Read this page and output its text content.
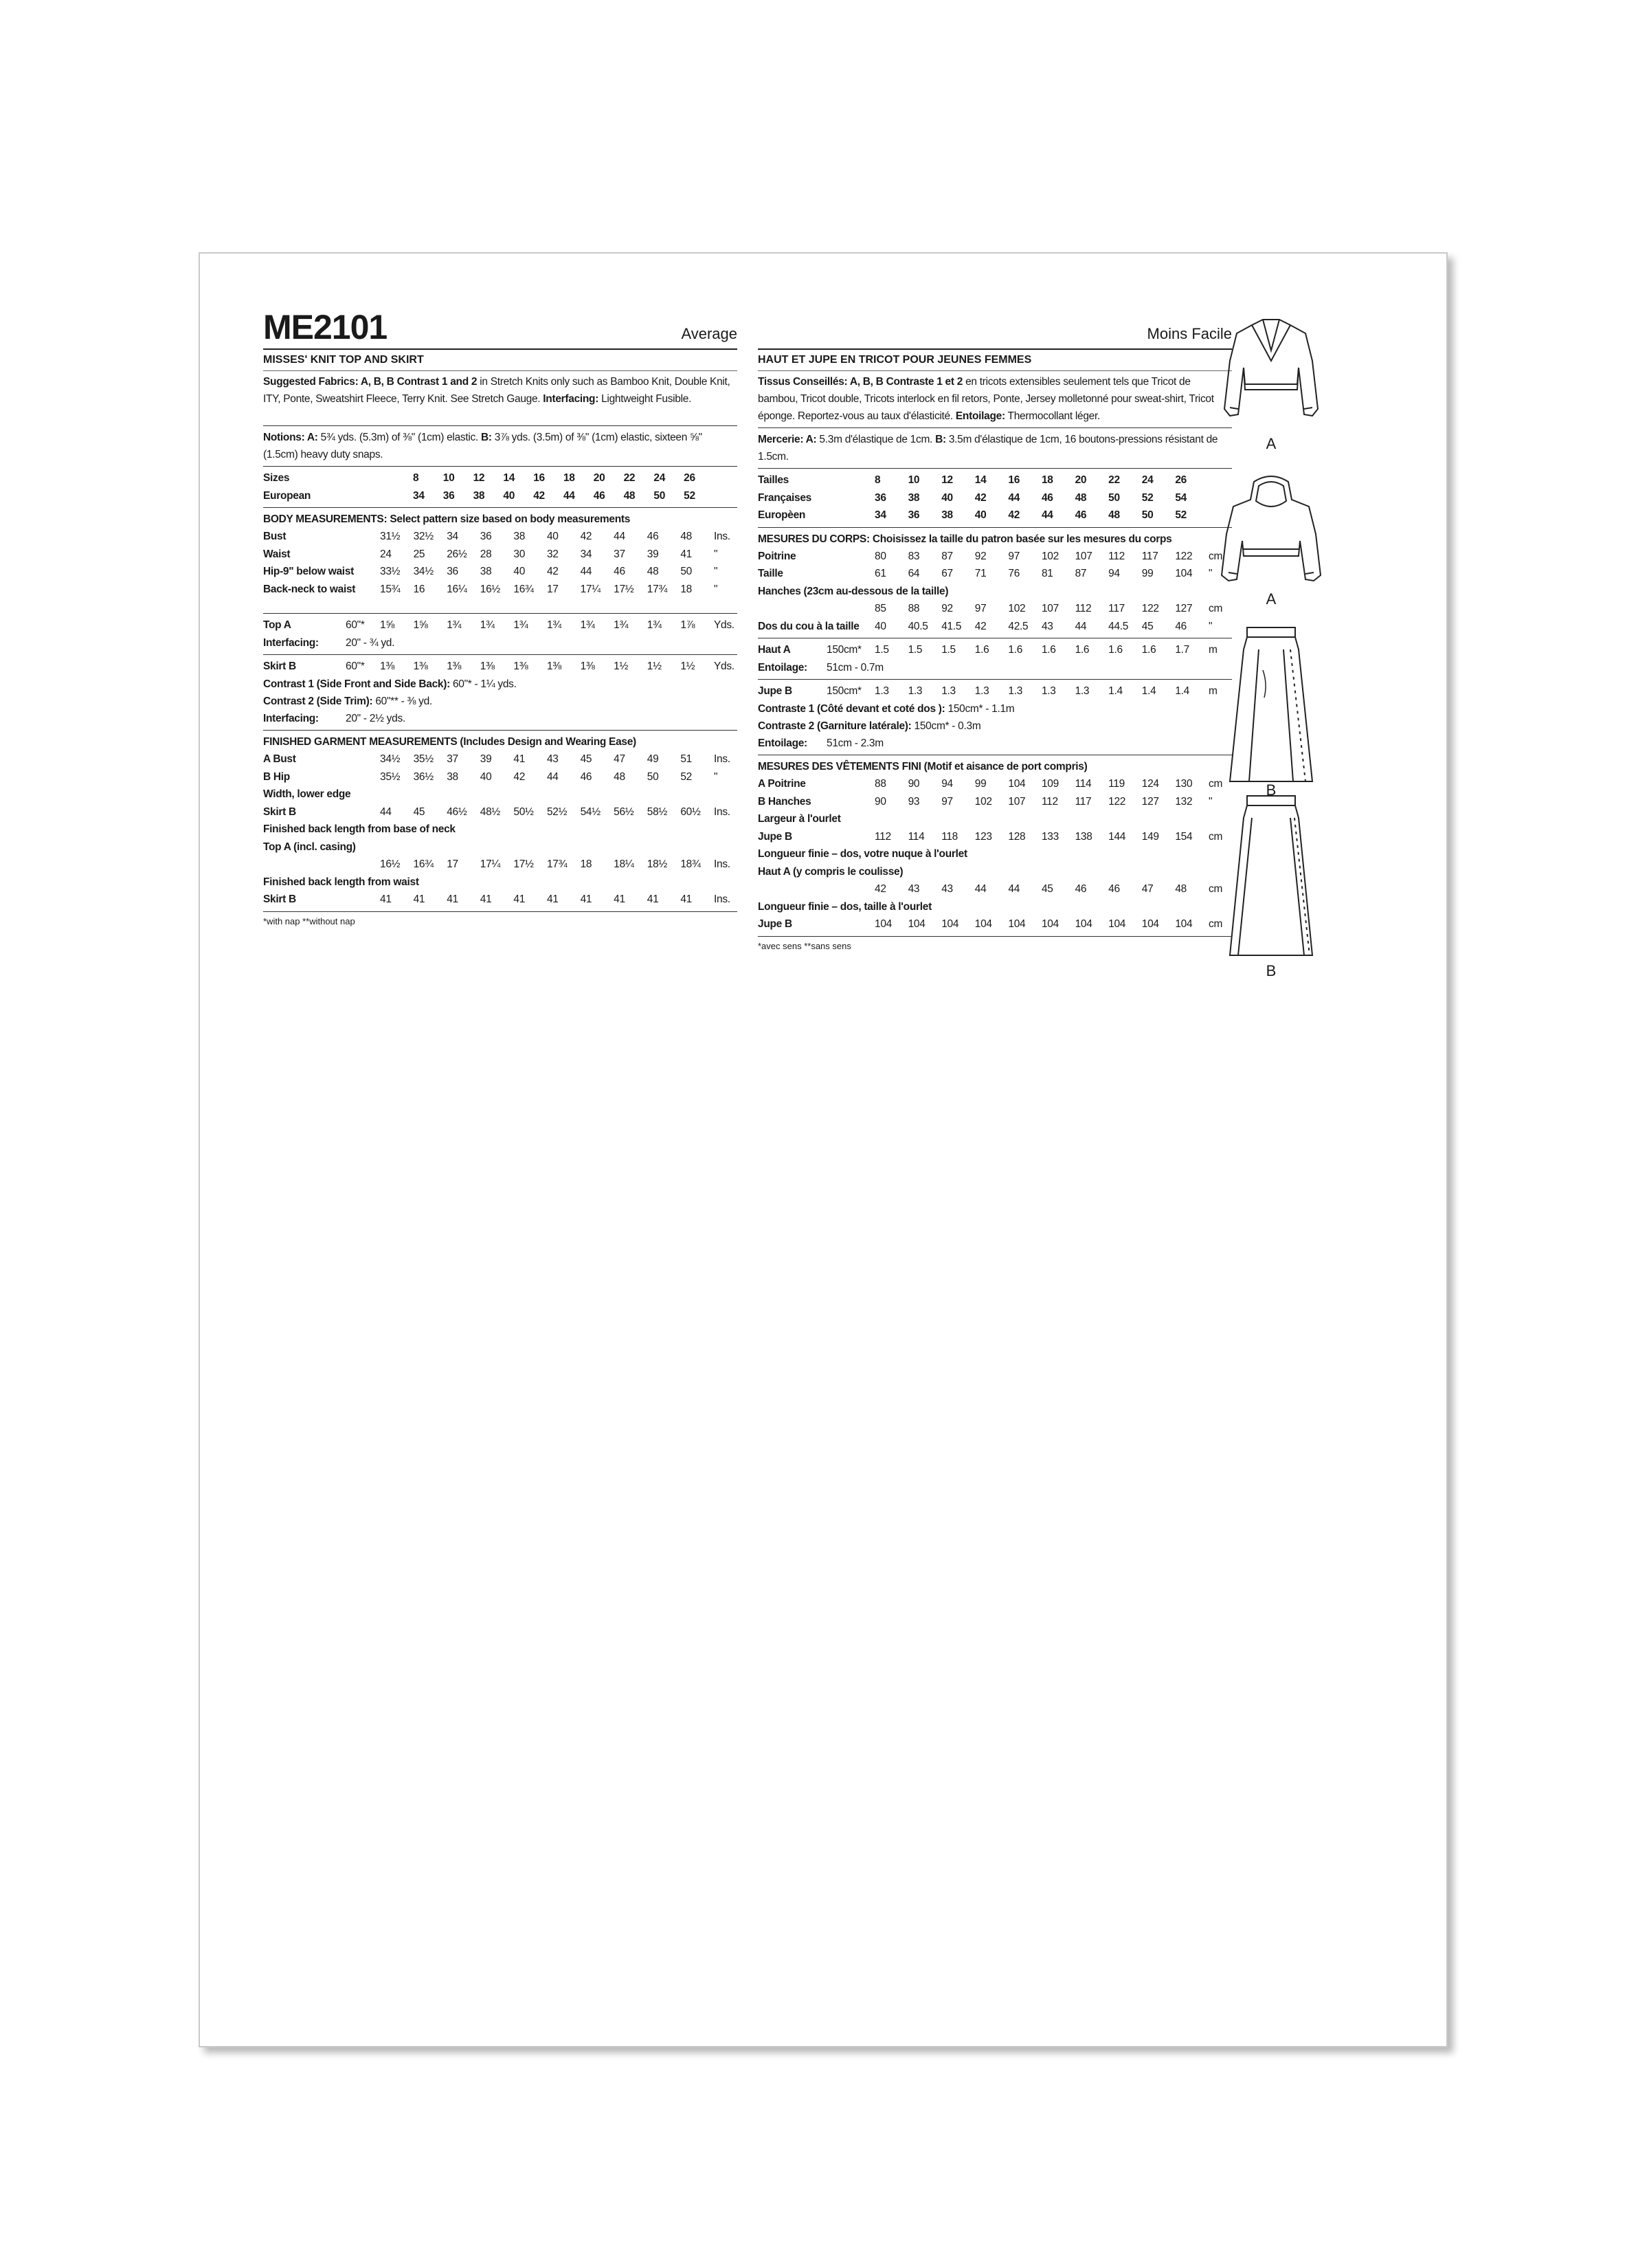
ME2101	Average
MISSES' KNIT TOP AND SKIRT

Suggested Fabrics: A, B, B Contrast 1 and 2 in Stretch Knits only such as Bamboo Knit, Double Knit, ITY, Ponte, Sweatshirt Fleece, Terry Knit. See Stretch Gauge. Interfacing: Lightweight Fusible.

Notions: A: 5¾ yds. (5.3m) of ⅜" (1cm) elastic. B: 3⅞ yds. (3.5m) of ⅜" (1cm) elastic, sixteen ⅝" (1.5cm) heavy duty snaps.

Sizes		8	10	12	14	16	18	20	22	24	26	
European		34	36	38	40	42	44	46	48	50	52	
BODY MEASUREMENTS: Select pattern size based on body measurements
Bust		31½	32½	34	36	38	40	42	44	46	48	Ins.
Waist		24	25	26½	28	30	32	34	37	39	41	"
Hip-9" below waist		33½	34½	36	38	40	42	44	46	48	50	"
Back-neck to waist		15¾	16	16¼	16½	16¾	17	17¼	17½	17¾	18	"
Top A	60"*	1⅝	1⅝	1¾	1¾	1¾	1¾	1¾	1¾	1¾	1⅞	Yds.
Interfacing:	20" - ¾ yd.											
Skirt B	60"*	1⅜	1⅜	1⅜	1⅜	1⅜	1⅜	1⅜	1½	1½	1½	Yds.
Contrast 1 (Side Front and Side Back): 60"* - 1¼ yds.
Contrast 2 (Side Trim): 60"** - ⅜ yd.
Interfacing:	20" - 2½ yds.
FINISHED GARMENT MEASUREMENTS (Includes Design and Wearing Ease)
A Bust		34½	35½	37	39	41	43	45	47	49	51	Ins.
B Hip		35½	36½	38	40	42	44	46	48	50	52	"
Width, lower edge											
Skirt B		44	45	46½	48½	50½	52½	54½	56½	58½	60½	Ins.
Finished back length from base of neck											
Top A (incl. casing)											
		16½	16¾	17	17¼	17½	17¾	18	18¼	18½	18¾	Ins.
Finished back length from waist											
Skirt B		41	41	41	41	41	41	41	41	41	41	Ins.
*with nap **without nap
Moins Facile
HAUT ET JUPE EN TRICOT POUR JEUNES FEMMES

Tissus Conseillés: A, B, B Contraste 1 et 2 en tricots extensibles seulement tels que Tricot de bambou, Tricot double, Tricots interlock en fil retors, Ponte, Jersey molletonné pour sweat-shirt, Tricot éponge. Reportez-vous au taux d'élasticité. Entoilage: Thermocollant léger.

Mercerie: A: 5.3m d'élastique de 1cm. B: 3.5m d'élastique de 1cm, 16 boutons-pressions résistant de 1.5cm.

Tailles		8	10	12	14	16	18	20	22	24	26	
Françaises		36	38	40	42	44	46	48	50	52	54	
Europèen		34	36	38	40	42	44	46	48	50	52	
MESURES DU CORPS: Choisissez la taille du patron basée sur les mesures du corps
Poitrine		80	83	87	92	97	102	107	112	117	122	cm
Taille		61	64	67	71	76	81	87	94	99	104	"
Hanches (23cm au-dessous de la taille)											
		85	88	92	97	102	107	112	117	122	127	cm
Dos du cou à la taille		40	40.5	41.5	42	42.5	43	44	44.5	45	46	"
Haut A	150cm*	1.5	1.5	1.5	1.6	1.6	1.6	1.6	1.6	1.6	1.7	m
Entoilage:	51cm - 0.7m											
Jupe B	150cm*	1.3	1.3	1.3	1.3	1.3	1.3	1.3	1.4	1.4	1.4	m
Contraste 1 (Côté devant et coté dos ): 150cm* - 1.1m
Contraste 2 (Garniture latérale): 150cm* - 0.3m
Entoilage:	51cm - 2.3m
MESURES DES VÊTEMENTS FINI (Motif et aisance de port compris)
A Poitrine		88	90	94	99	104	109	114	119	124	130	cm
B Hanches		90	93	97	102	107	112	117	122	127	132	"
Largeur à l'ourlet											
Jupe B		112	114	118	123	128	133	138	144	149	154	cm
Longueur finie – dos, votre nuque à l'ourlet											
Haut A (y compris le coulisse)											
		42	43	43	44	44	45	46	46	47	48	cm
Longueur finie – dos, taille à l'ourlet											
Jupe B		104	104	104	104	104	104	104	104	104	104	cm
*avec sens **sans sens
A
A
B
B
